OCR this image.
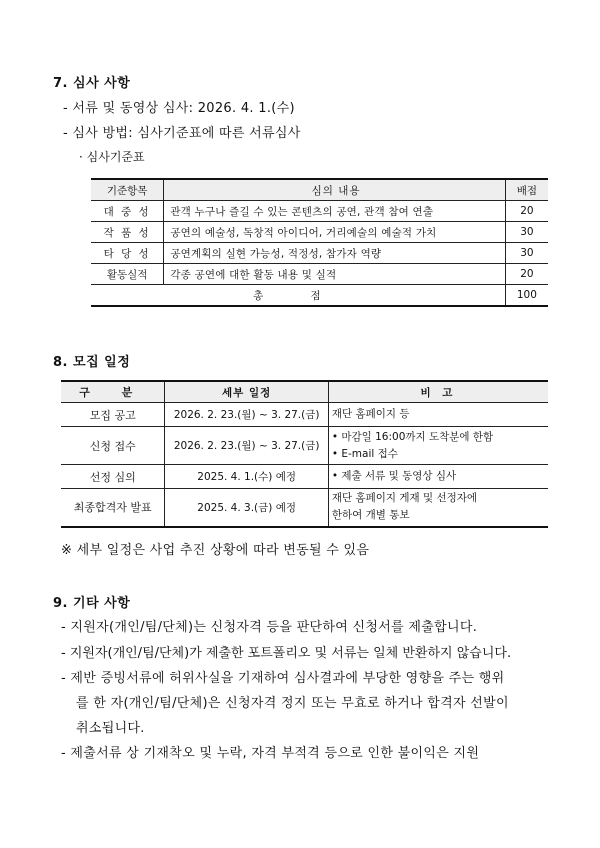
7. 심사 사항
- 서류 및 동영상 심사: 2026. 4. 1.(수)
- 심사 방법: 심사기준표에 따른 서류심사
· 심사기준표
기준항목	심의 내용	배점
대 중 성	관객 누구나 즐길 수 있는 콘텐츠의 공연, 관객 참여 연출	20
작 품 성	공연의 예술성, 독창적 아이디어, 거리예술의 예술적 가치	30
타 당 성	공연계획의 실현 가능성, 적정성, 참가자 역량	30
활동실적	각종 공연에 대한 활동 내용 및 실적	20
총 점		100
8. 모집 일정
구 분	세부 일정	비 고
모집 공고	2026. 2. 23.(월) ~ 3. 27.(금)	재단 홈페이지 등

신청 접수	2026. 2. 23.(월) ~ 3. 27.(금)	• 마감일 16:00까지 도착분에 한함
• E-mail 접수

선정 심의	2025. 4. 1.(수) 예정	• 제출 서류 및 동영상 심사

최종합격자 발표	2025. 4. 3.(금) 예정	재단 홈페이지 게재 및 선정자에
한하여 개별 통보
※ 세부 일정은 사업 추진 상황에 따라 변동될 수 있음
9. 기타 사항
- 지원자(개인/팀/단체)는 신청자격 등을 판단하여 신청서를 제출합니다.
- 지원자(개인/팀/단체)가 제출한 포트폴리오 및 서류는 일체 반환하지 않습니다.
- 제반 증빙서류에 허위사실을 기재하여 심사결과에 부당한 영향을 주는 행위
를 한 자(개인/팀/단체)은 신청자격 정지 또는 무효로 하거나 합격자 선발이
취소됩니다.
- 제출서류 상 기재착오 및 누락, 자격 부적격 등으로 인한 불이익은 지원
